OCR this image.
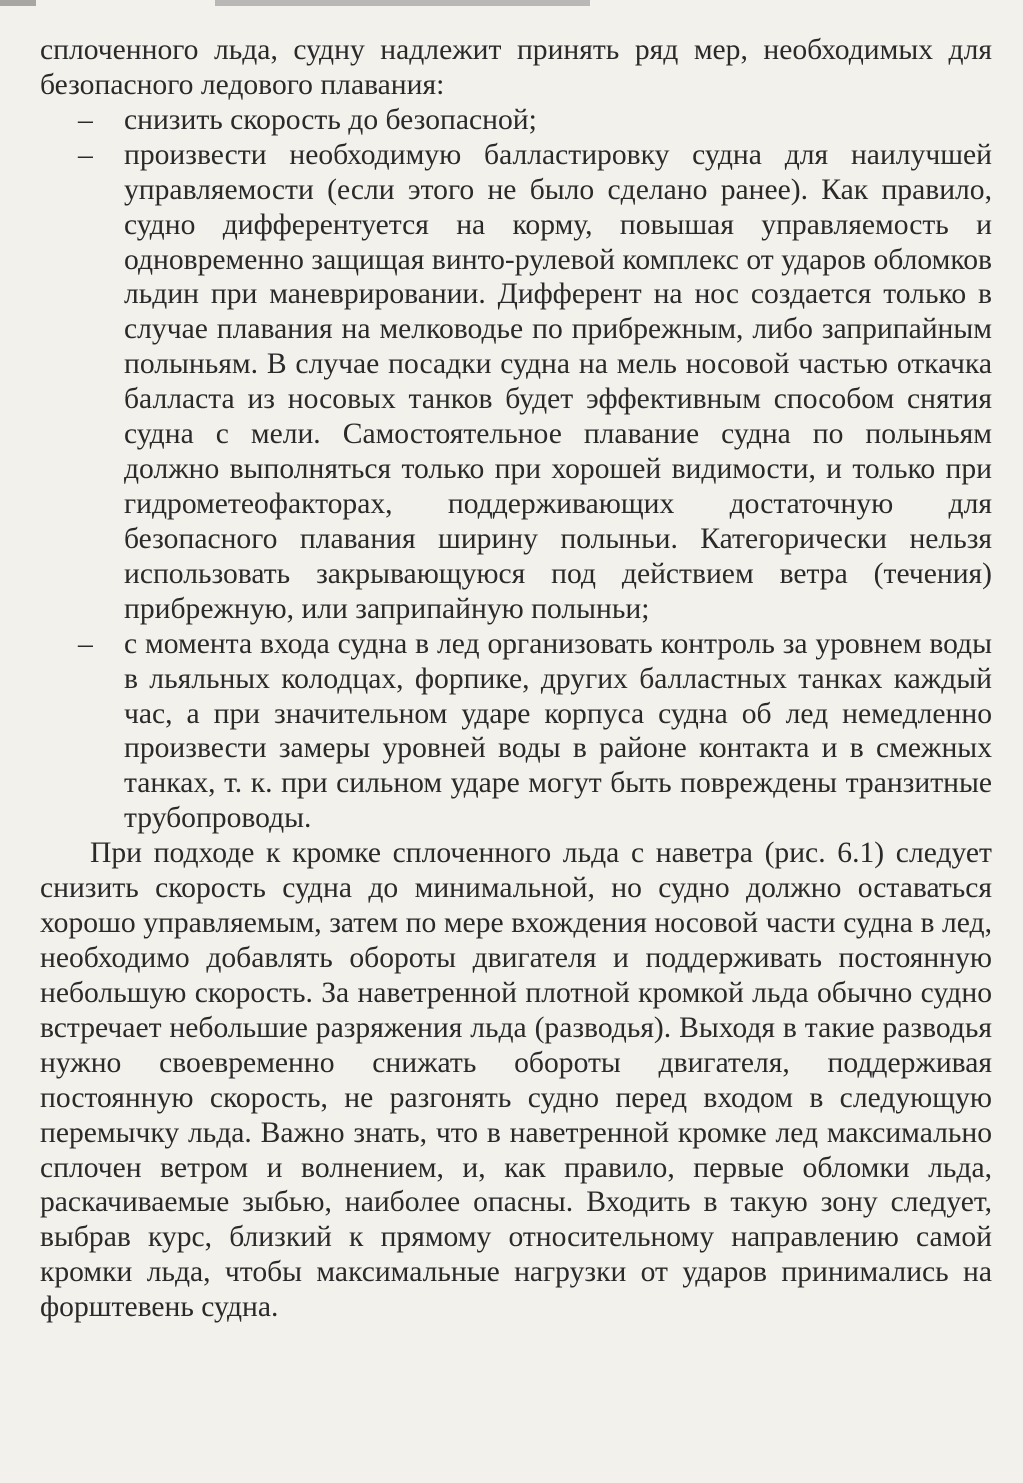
сплоченного льда, судну надлежит принять ряд мер, необходимых для безопасного ледового плавания:

– снизить скорость до безопасной;
– произвести необходимую балластировку судна для наилучшей управляемости (если этого не было сделано ранее). Как правило, судно дифферентуется на корму, повышая управляемость и одновременно защищая винто-рулевой комплекс от ударов обломков льдин при маневрировании. Дифферент на нос создается только в случае плавания на мелководье по прибрежным, либо заприпайным полыньям. В случае посадки судна на мель носовой частью откачка балласта из носовых танков будет эффективным способом снятия судна с мели. Самостоятельное плавание судна по полыньям должно выполняться только при хорошей видимости, и только при гидрометеофакторах, поддерживающих достаточную для безопасного плавания ширину полыньи. Категорически нельзя использовать закрывающуюся под действием ветра (течения) прибрежную, или заприпайную полыньи;
– с момента входа судна в лед организовать контроль за уровнем воды в льяльных колодцах, форпике, других балластных танках каждый час, а при значительном ударе корпуса судна об лед немедленно произвести замеры уровней воды в районе контакта и в смежных танках, т. к. при сильном ударе могут быть повреждены транзитные трубопроводы.

При подходе к кромке сплоченного льда с наветра (рис. 6.1) следует снизить скорость судна до минимальной, но судно должно оставаться хорошо управляемым, затем по мере вхождения носовой части судна в лед, необходимо добавлять обороты двигателя и поддерживать постоянную небольшую скорость. За наветренной плотной кромкой льда обычно судно встречает небольшие разряжения льда (разводья). Выходя в такие разводья нужно своевременно снижать обороты двигателя, поддерживая постоянную скорость, не разгонять судно перед входом в следующую перемычку льда. Важно знать, что в наветренной кромке лед максимально сплочен ветром и волнением, и, как правило, первые обломки льда, раскачиваемые зыбью, наиболее опасны. Входить в такую зону следует, выбрав курс, близкий к прямому относительному направлению самой кромки льда, чтобы максимальные нагрузки от ударов принимались на форштевень судна.
